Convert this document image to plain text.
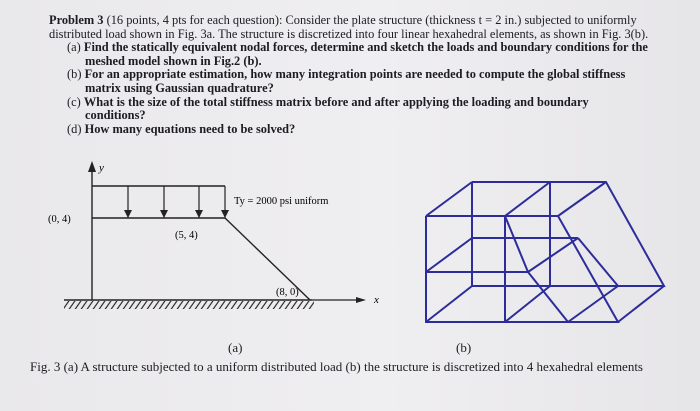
Problem 3 (16 points, 4 pts for each question): Consider the plate structure (thickness t = 2 in.) subjected to uniformly distributed load shown in Fig. 3a. The structure is discretized into four linear hexahedral elements, as shown in Fig. 3(b).

(a) Find the statically equivalent nodal forces, determine and sketch the loads and boundary conditions for the meshed model shown in Fig.2 (b).

(b) For an appropriate estimation, how many integration points are needed to compute the global stiffness matrix using Gaussian quadrature?

(c) What is the size of the total stiffness matrix before and after applying the loading and boundary conditions?

(d) How many equations need to be solved?

y
x
Ty = 2000 psi uniform
(0, 4)
(5, 4)
(8, 0)
(a)	(b)
Fig. 3 (a) A structure subjected to a uniform distributed load (b) the structure is discretized into 4 hexahedral elements
